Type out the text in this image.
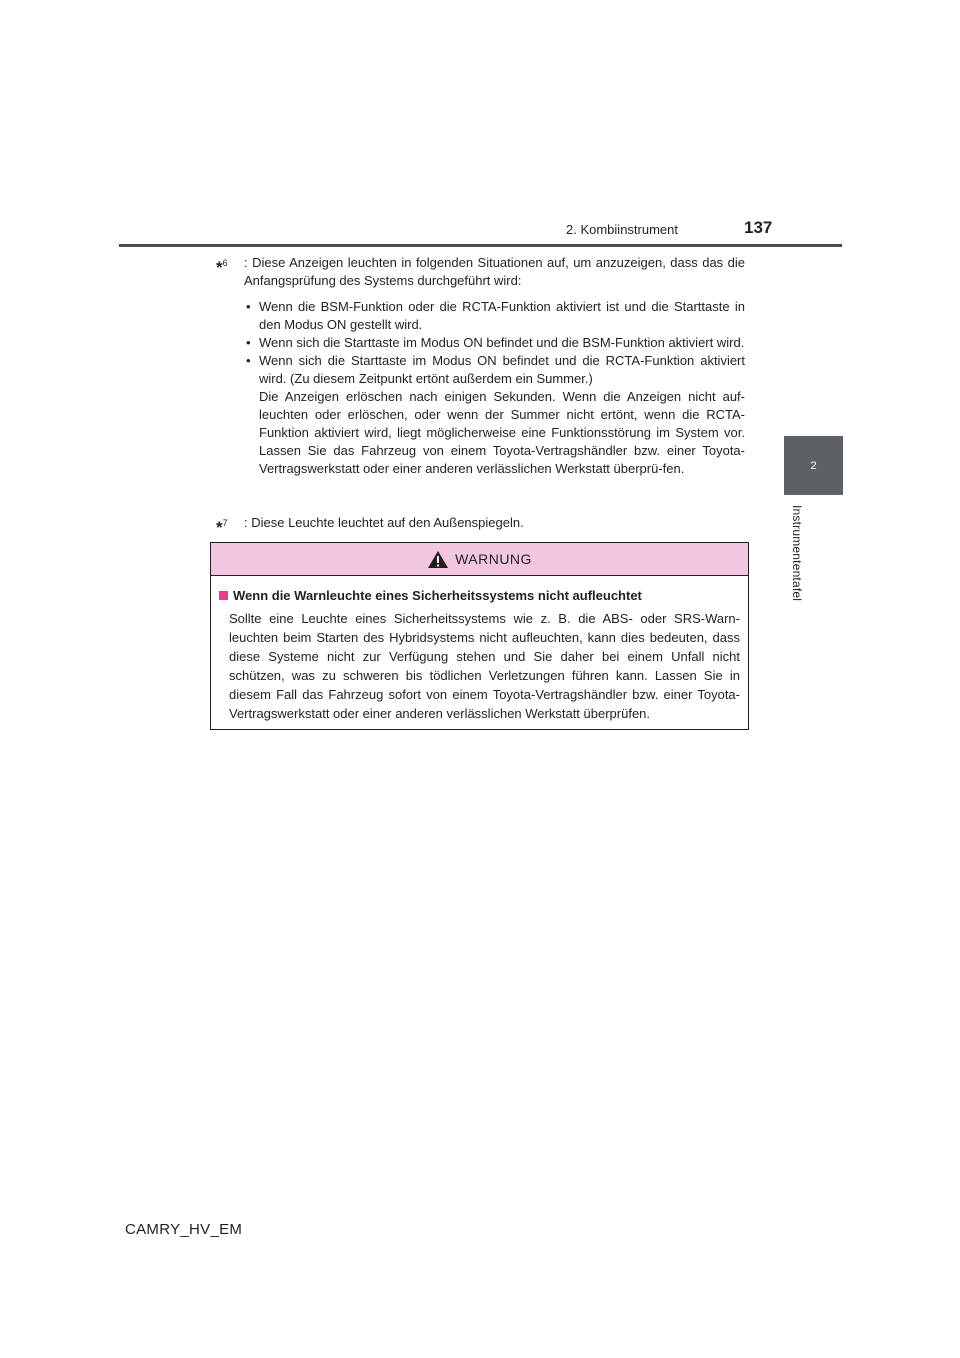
2. Kombiinstrument	137
2
Instrumententafel
*$^6$ : Diese Anzeigen leuchten in folgenden Situationen auf, um anzuzeigen, dass das die Anfangsprüfung des Systems durchgeführt wird:
• Wenn die BSM-Funktion oder die RCTA-Funktion aktiviert ist und die Starttaste in den Modus ON gestellt wird.
• Wenn sich die Starttaste im Modus ON befindet und die BSM-Funktion aktiviert wird.
• Wenn sich die Starttaste im Modus ON befindet und die RCTA-Funktion aktiviert wird. (Zu diesem Zeitpunkt ertönt außerdem ein Summer.)

Die Anzeigen erlöschen nach einigen Sekunden. Wenn die Anzeigen nicht auf-leuchten oder erlöschen, oder wenn der Summer nicht ertönt, wenn die RCTA-Funktion aktiviert wird, liegt möglicherweise eine Funktionsstörung im System vor. Lassen Sie das Fahrzeug von einem Toyota-Vertragshändler bzw. einer Toyota-Vertragswerkstatt oder einer anderen verlässlichen Werkstatt überprü-fen.

*$^7$ : Diese Leuchte leuchtet auf den Außenspiegeln.
WARNUNG
Wenn die Warnleuchte eines Sicherheitssystems nicht aufleuchtet

Sollte eine Leuchte eines Sicherheitssystems wie z. B. die ABS- oder SRS-Warn-leuchten beim Starten des Hybridsystems nicht aufleuchten, kann dies bedeuten, dass diese Systeme nicht zur Verfügung stehen und Sie daher bei einem Unfall nicht schützen, was zu schweren bis tödlichen Verletzungen führen kann. Lassen Sie in diesem Fall das Fahrzeug sofort von einem Toyota-Vertragshändler bzw. einer Toyota-Vertragswerkstatt oder einer anderen verlässlichen Werkstatt überprüfen.

CAMRY_HV_EM
